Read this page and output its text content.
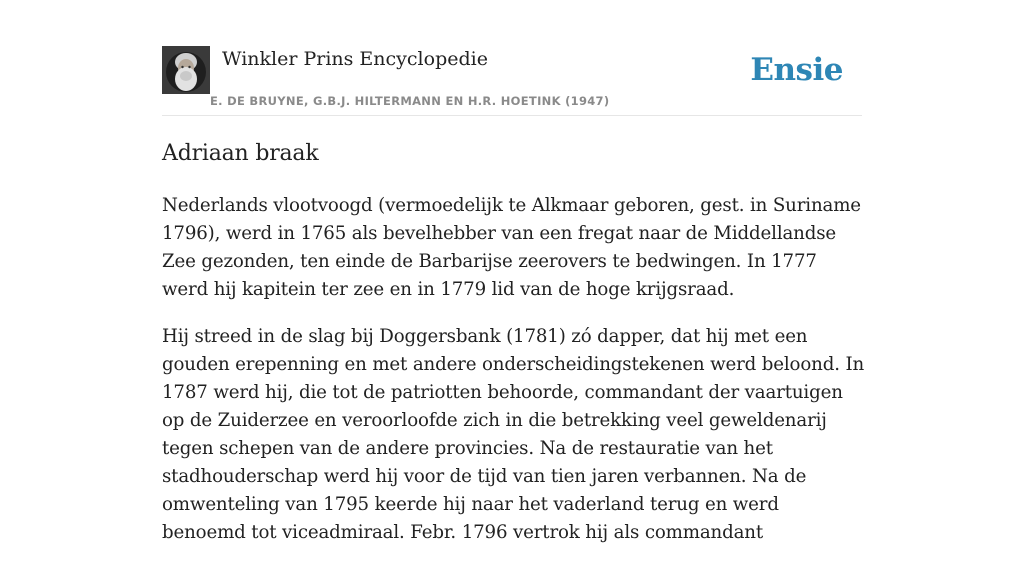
Winkler Prins Encyclopedie
E. DE BRUYNE, G.B.J. HILTERMANN EN H.R. HOETINK (1947)
Ensie
Adriaan braak

Nederlands vlootvoogd (vermoedelijk te Alkmaar geboren, gest. in Suriname 1796), werd in 1765 als bevelhebber van een fregat naar de Middellandse Zee gezonden, ten einde de Barbarijse zeerovers te bedwingen. In 1777 werd hij kapitein ter zee en in 1779 lid van de hoge krijgsraad.

Hij streed in de slag bij Doggersbank (1781) zó dapper, dat hij met een gouden erepenning en met andere onderscheidingstekenen werd beloond. In 1787 werd hij, die tot de patriotten behoorde, commandant der vaartuigen op de Zuiderzee en veroorloofde zich in die betrekking veel geweldenarij tegen schepen van de andere provincies. Na de restauratie van het stadhouderschap werd hij voor de tijd van tien jaren verbannen. Na de omwenteling van 1795 keerde hij naar het vaderland terug en werd benoemd tot viceadmiraal. Febr. 1796 vertrok hij als commandant
